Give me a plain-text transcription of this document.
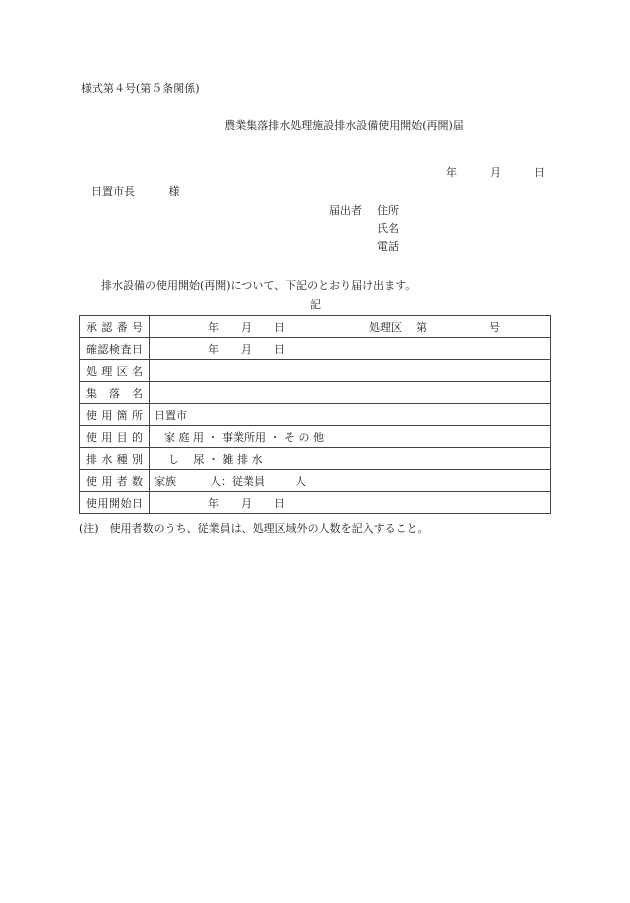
様式第４号(第５条関係)
農業集落排水処理施設排水設備使用開始(再開)届
年	月	日
日置市長	様
届出者 住所
氏名
電話
排水設備の使用開始(再開)について、下記のとおり届け出ます。
記
承認番号	年 月 日 処理区 第 号
確認検査日	年 月 日
処理区名	
集落名	
使用箇所	日置市
使用目的	家 庭 用 ・ 事業所用 ・ そ の 他
排水種別	し　 尿 ・ 雑 排 水
使用者数	家族 人：従業員 人
使用開始日	年 月 日
(注)　使用者数のうち、従業員は、処理区域外の人数を記入すること。
